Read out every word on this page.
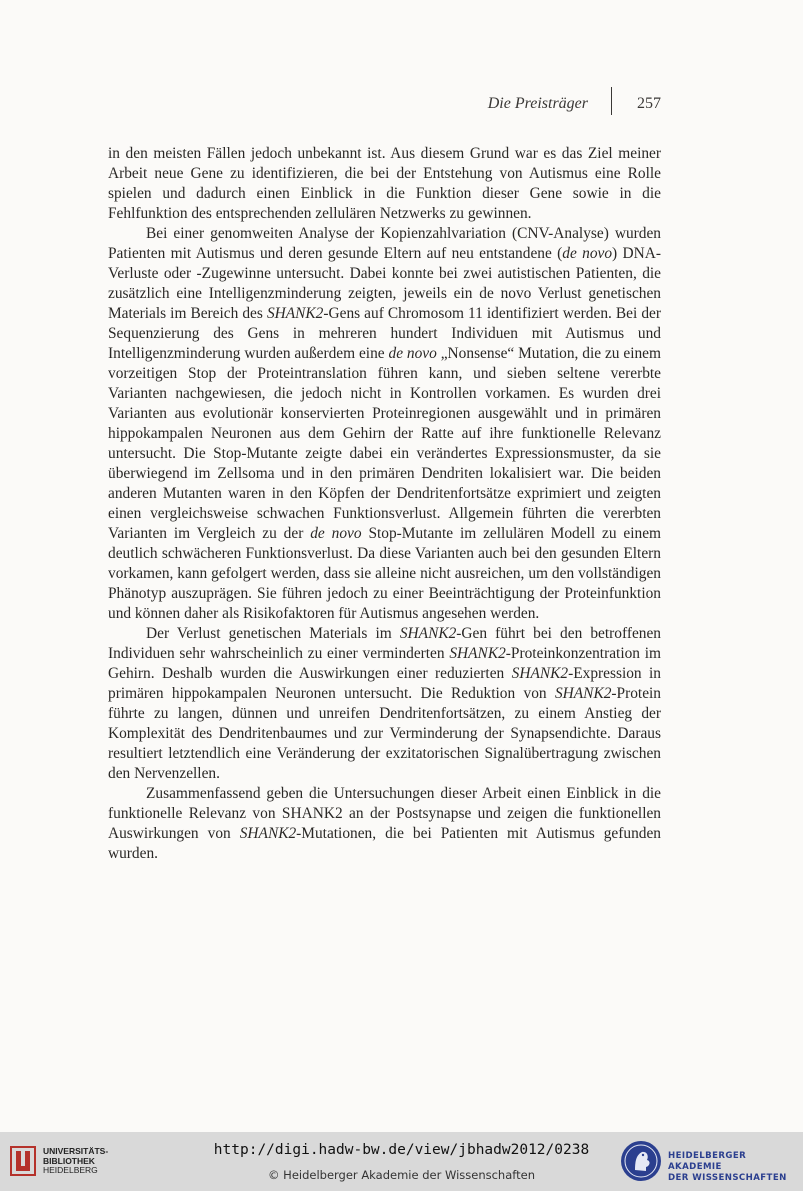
Die Preisträger	257

in den meisten Fällen jedoch unbekannt ist. Aus diesem Grund war es das Ziel meiner Arbeit neue Gene zu identifizieren, die bei der Entstehung von Autismus eine Rolle spielen und dadurch einen Einblick in die Funktion dieser Gene sowie in die Fehlfunktion des entsprechenden zellulären Netzwerks zu gewinnen.

Bei einer genomweiten Analyse der Kopienzahlvariation (CNV-Analyse) wurden Patienten mit Autismus und deren gesunde Eltern auf neu entstandene (de novo) DNA-Verluste oder -Zugewinne untersucht. Dabei konnte bei zwei autistischen Patienten, die zusätzlich eine Intelligenzminderung zeigten, jeweils ein de novo Verlust genetischen Materials im Bereich des SHANK2-Gens auf Chromosom 11 identifiziert werden. Bei der Sequenzierung des Gens in mehreren hundert Individuen mit Autismus und Intelligenzminderung wurden außerdem eine de novo „Nonsense“ Mutation, die zu einem vorzeitigen Stop der Proteintranslation führen kann, und sieben seltene vererbte Varianten nachgewiesen, die jedoch nicht in Kontrollen vorkamen. Es wurden drei Varianten aus evolutionär konservierten Proteinregionen ausgewählt und in primären hippokampalen Neuronen aus dem Gehirn der Ratte auf ihre funktionelle Relevanz untersucht. Die Stop-Mutante zeigte dabei ein verändertes Expressionsmuster, da sie überwiegend im Zellsoma und in den primären Dendriten lokalisiert war. Die beiden anderen Mutanten waren in den Köpfen der Dendritenfortsätze exprimiert und zeigten einen vergleichsweise schwachen Funktionsverlust. Allgemein führten die vererbten Varianten im Vergleich zu der de novo Stop-Mutante im zellulären Modell zu einem deutlich schwächeren Funktionsverlust. Da diese Varianten auch bei den gesunden Eltern vorkamen, kann gefolgert werden, dass sie alleine nicht ausreichen, um den vollständigen Phänotyp auszuprägen. Sie führen jedoch zu einer Beeinträchtigung der Proteinfunktion und können daher als Risikofaktoren für Autismus angesehen werden.

Der Verlust genetischen Materials im SHANK2-Gen führt bei den betroffenen Individuen sehr wahrscheinlich zu einer verminderten SHANK2-Proteinkonzentration im Gehirn. Deshalb wurden die Auswirkungen einer reduzierten SHANK2-Expression in primären hippokampalen Neuronen untersucht. Die Reduktion von SHANK2-Protein führte zu langen, dünnen und unreifen Dendritenfortsätzen, zu einem Anstieg der Komplexität des Dendritenbaumes und zur Verminderung der Synapsendichte. Daraus resultiert letztendlich eine Veränderung der exzitatorischen Signalübertragung zwischen den Nervenzellen.

Zusammenfassend geben die Untersuchungen dieser Arbeit einen Einblick in die funktionelle Relevanz von SHANK2 an der Postsynapse und zeigen die funktionellen Auswirkungen von SHANK2-Mutationen, die bei Patienten mit Autismus gefunden wurden.

UNIVERSITÄTS-
BIBLIOTHEK
HEIDELBERG
http://digi.hadw-bw.de/view/jbhadw2012/0238
© Heidelberger Akademie der Wissenschaften
HEIDELBERGER AKADEMIE
DER WISSENSCHAFTEN
